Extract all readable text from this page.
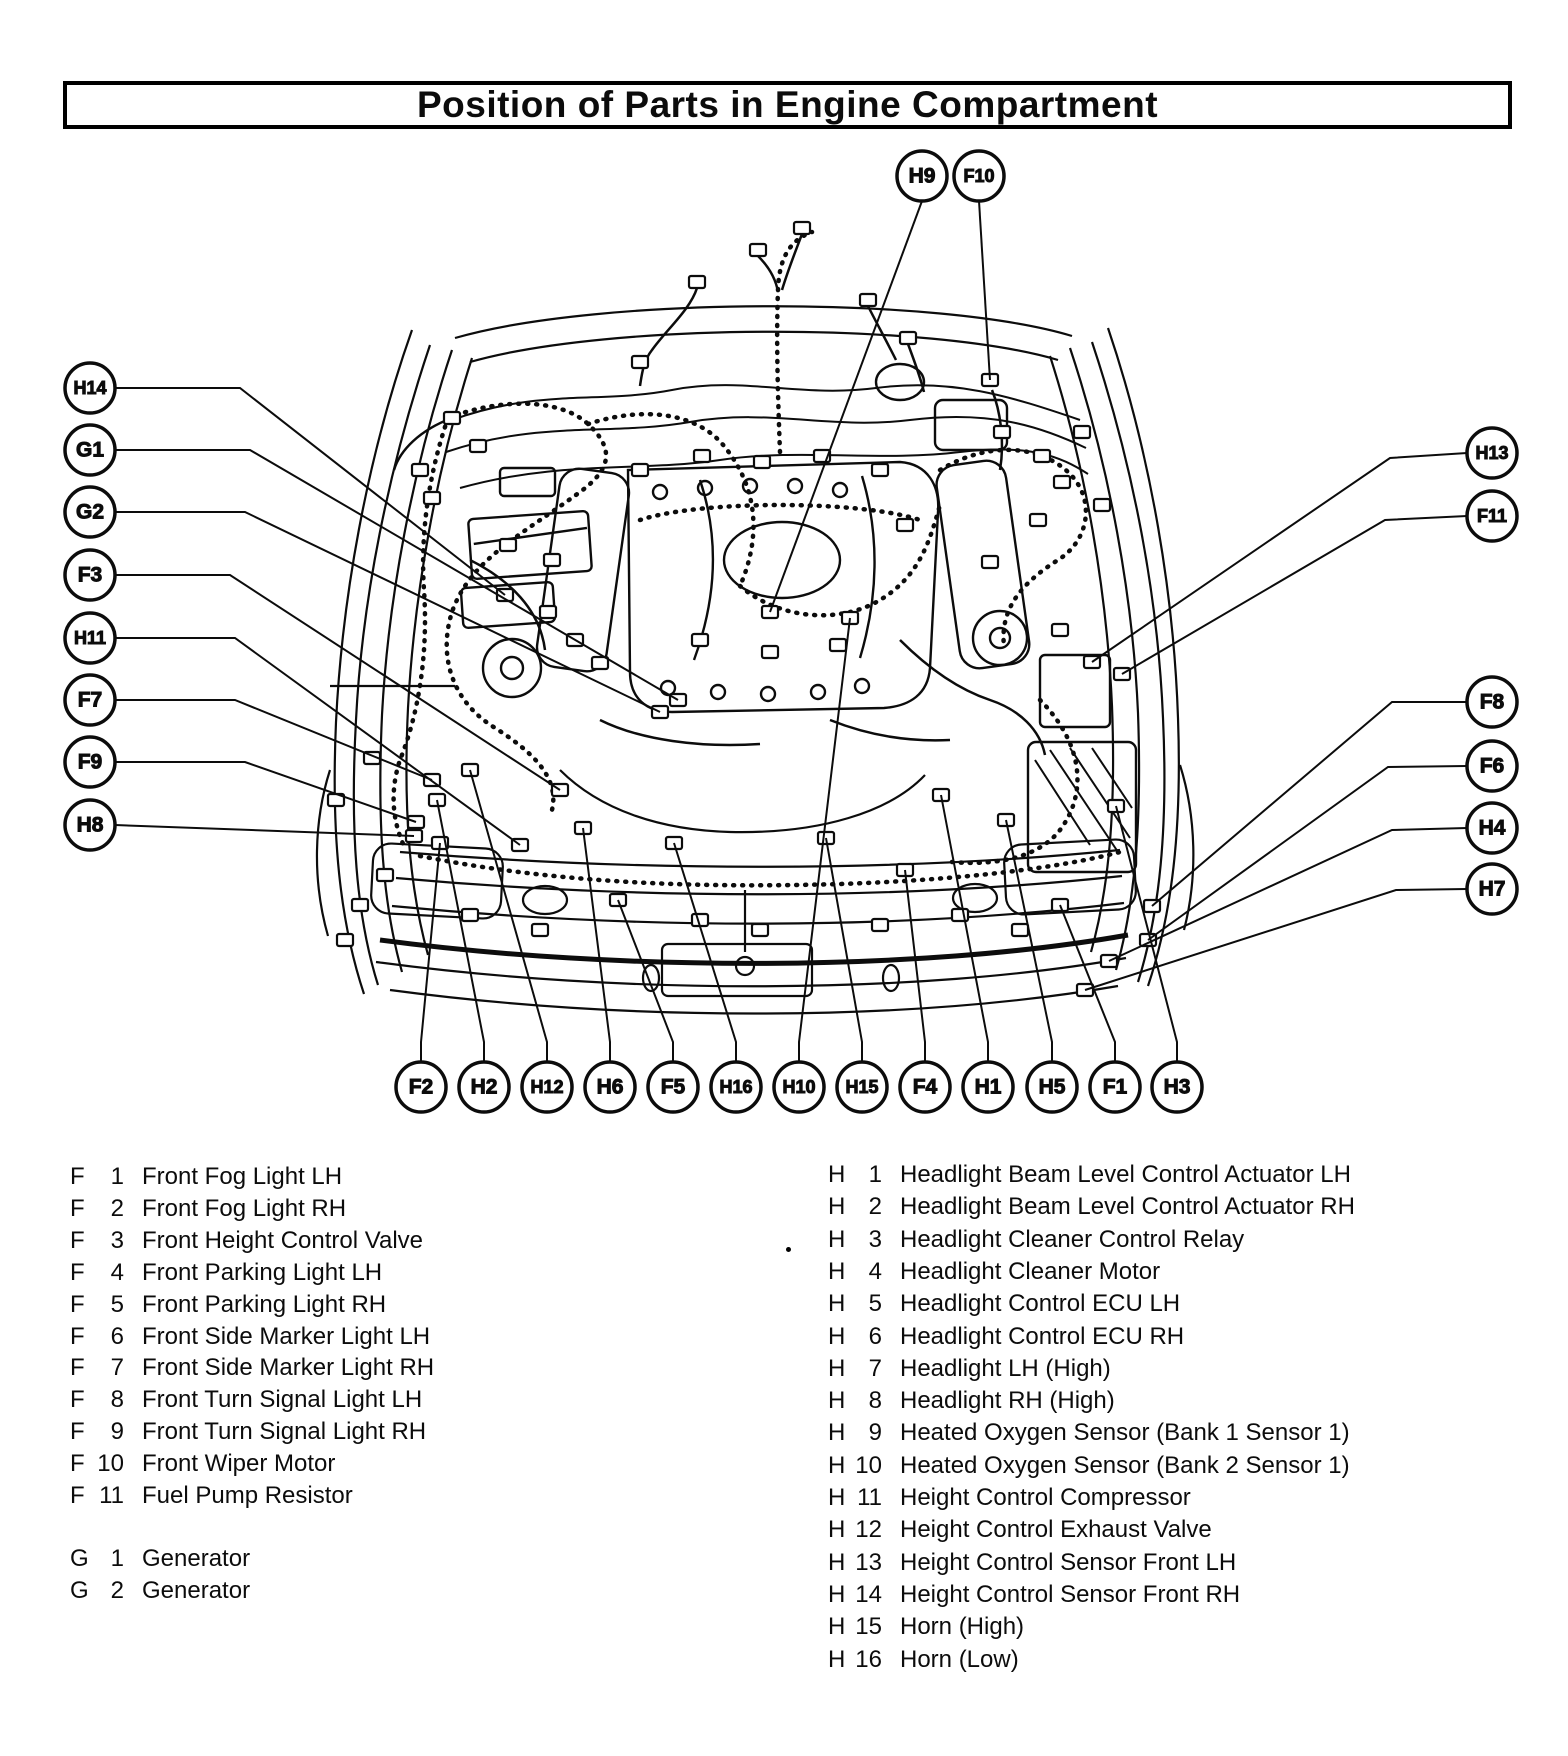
H14
G1
G2
F3
H11
F7
F9
H8
H9 F10
H13
F11
F8
F6
H4
H7
F2 H2 H12 H6 F5 H16 H10 H15 F4 H1 H5 F1 H3
Position of Parts in Engine Compartment
F 1 Front Fog Light LH
F 2 Front Fog Light RH
F 3 Front Height Control Valve
F 4 Front Parking Light LH
F 5 Front Parking Light RH
F 6 Front Side Marker Light LH
F 7 Front Side Marker Light RH
F 8 Front Turn Signal Light LH
F 9 Front Turn Signal Light RH
F 10 Front Wiper Motor
F 11 Fuel Pump Resistor
G 1 Generator
G 2 Generator
H 1 Headlight Beam Level Control Actuator LH
H 2 Headlight Beam Level Control Actuator RH
H 3 Headlight Cleaner Control Relay
H 4 Headlight Cleaner Motor
H 5 Headlight Control ECU LH
H 6 Headlight Control ECU RH
H 7 Headlight LH (High)
H 8 Headlight RH (High)
H 9 Heated Oxygen Sensor (Bank 1 Sensor 1)
H 10 Heated Oxygen Sensor (Bank 2 Sensor 1)
H 11 Height Control Compressor
H 12 Height Control Exhaust Valve
H 13 Height Control Sensor Front LH
H 14 Height Control Sensor Front RH
H 15 Horn (High)
H 16 Horn (Low)
